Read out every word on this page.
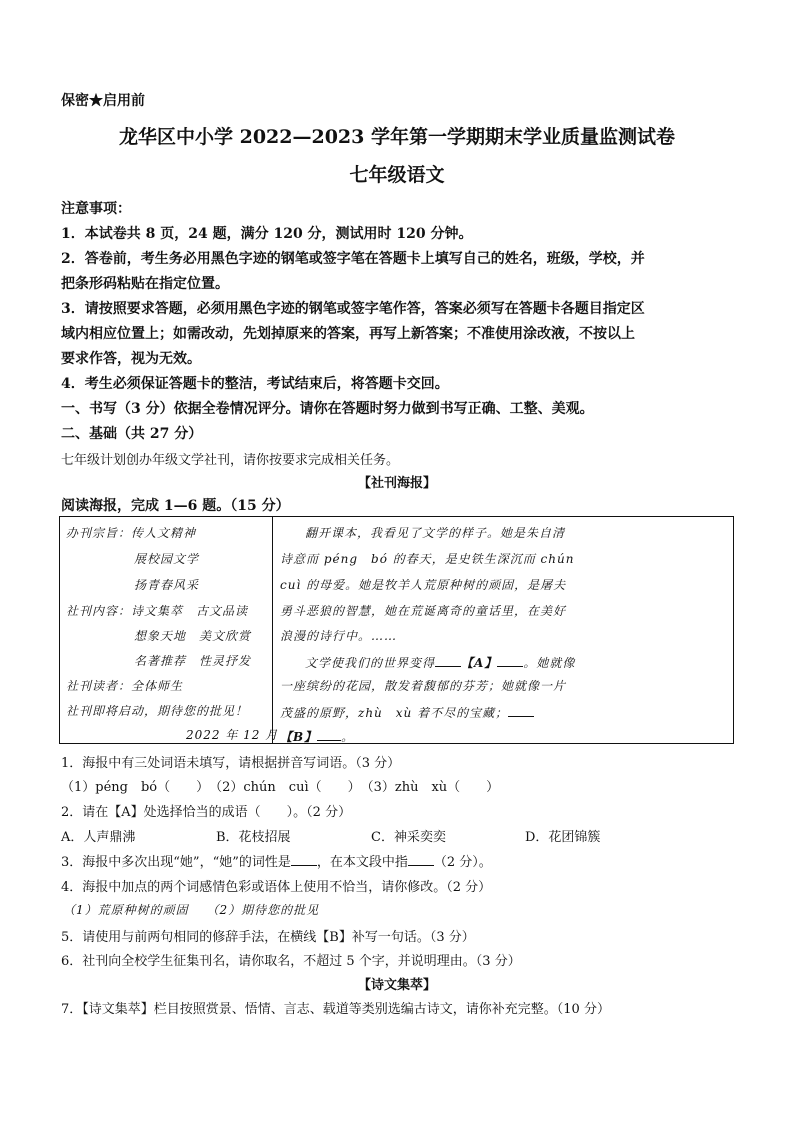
保密★启用前
龙华区中小学 2022—2023 学年第一学期期末学业质量监测试卷
七年级语文
注意事项：
1．本试卷共 8 页，24 题，满分 120 分，测试用时 120 分钟。
2．答卷前，考生务必用黑色字迹的钢笔或签字笔在答题卡上填写自己的姓名，班级，学校，并
把条形码粘贴在指定位置。
3．请按照要求答题，必须用黑色字迹的钢笔或签字笔作答，答案必须写在答题卡各题目指定区
域内相应位置上；如需改动，先划掉原来的答案，再写上新答案；不准使用涂改液，不按以上
要求作答，视为无效。
4．考生必须保证答题卡的整洁，考试结束后，将答题卡交回。
一、书写（3 分）依据全卷情况评分。请你在答题时努力做到书写正确、工整、美观。
二、基础（共 27 分）
七年级计划创办年级文学社刊，请你按要求完成相关任务。
【社刊海报】
阅读海报，完成 1—6 题。（15 分）
办刊宗旨：传人文精神
展校园文学
扬青春风采
社刊内容：诗文集萃　古文品读
想象天地　美文欣赏
名著推荐　性灵抒发
社刊读者：全体师生
社刊即将启动，期待您的批见！
2022 年 12 月
翻开课本，我看见了文学的样子。她是朱自清
诗意而 péng　bó 的春天，是史铁生深沉而 chún
cuì 的母爱。她是牧羊人荒原种树的顽固，是屠夫
勇斗恶狼的智慧，她在荒诞离奇的童话里，在美好
浪漫的诗行中。……
文学使我们的世界变得 【A】 。她就像
一座缤纷的花园，散发着馥郁的芬芳；她就像一片
茂盛的原野，zhù　xù 着不尽的宝藏；
【B】 。
1．海报中有三处词语未填写，请根据拼音写词语。（3 分）
（1）péng　bó（　　）　（2）chún　cuì（　　）　（3）zhù　xù（　　）
2．请在【A】处选择恰当的成语（　　）。（2 分）
A．人声鼎沸	B．花枝招展	C．神采奕奕	D．花团锦簇
3．海报中多次出现“她”，“她”的词性是 ，在本文段中指 （2 分）。
4．海报中加点的两个词感情色彩或语体上使用不恰当，请你修改。（2 分）
（1）荒原种树的顽固 （2）期待您的批见
5．请使用与前两句相同的修辞手法，在横线【B】补写一句话。（3 分）
6．社刊向全校学生征集刊名，请你取名，不超过 5 个字，并说明理由。（3 分）
【诗文集萃】
7．【诗文集萃】栏目按照赏景、悟情、言志、载道等类别选编古诗文，请你补充完整。（10 分）
